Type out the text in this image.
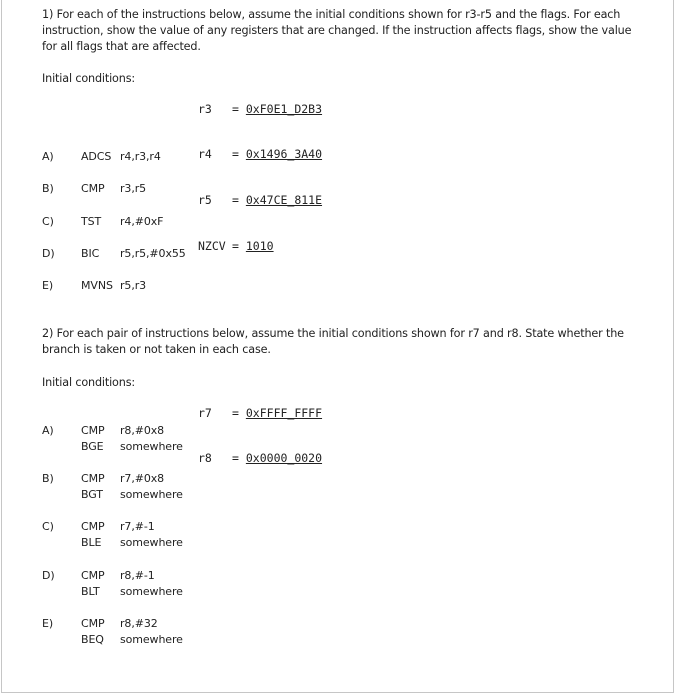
1) For each of the instructions below, assume the initial conditions shown for r3-r5 and the flags. For each instruction, show the value of any registers that are changed. If the instruction affects flags, show the value for all flags that are affected.
Initial conditions:

r3 = 0xF0E1_D2B3

r4 = 0x1496_3A40

r5 = 0x47CE_811E

NZCV = 1010

A) ADCS r4,r3,r4
B) CMP r3,r5
C) TST r4,#0xF
D) BIC r5,r5,#0x55
E)	MVNS r5,r3
2) For each pair of instructions below, assume the initial conditions shown for r7 and r8. State whether the branch is taken or not taken in each case.
Initial conditions:

r7 = 0xFFFF_FFFF

r8 = 0x0000_0020

A) CMP r8,#0x8
BGE somewhere
B) CMP r7,#0x8
BGT somewhere
C) CMP r7,#-1
BLE somewhere
D) CMP r8,#-1
BLT somewhere
E)	CMP r8,#32
BEQ somewhere
